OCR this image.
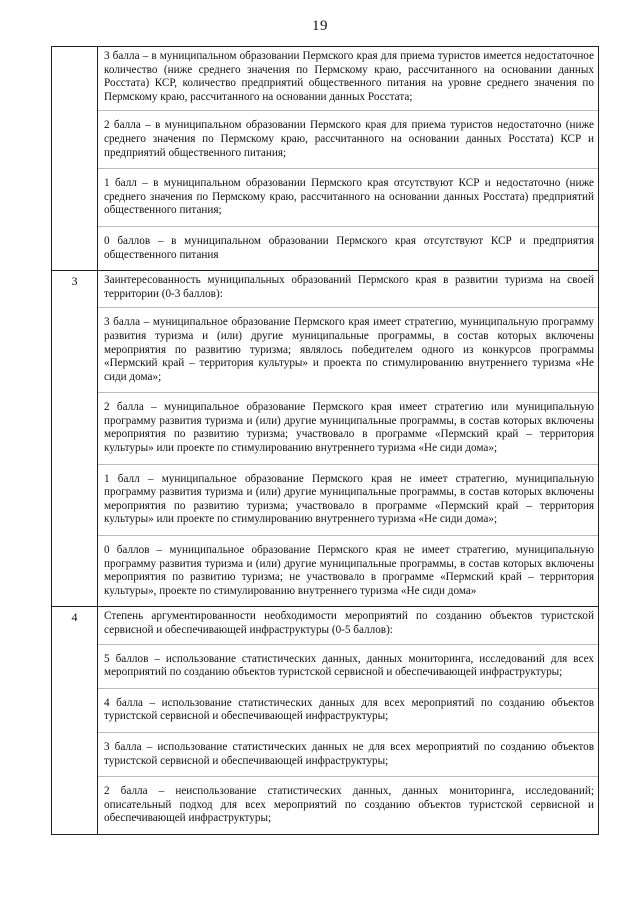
19

	3 балла – в муниципальном образовании Пермского края для приема туристов имеется недостаточное количество (ниже среднего значения по Пермскому краю, рассчитанного на основании данных Росстата) КСР, количество предприятий общественного питания на уровне среднего значения по Пермскому краю, рассчитанного на основании данных Росстата;

2 балла – в муниципальном образовании Пермского края для приема туристов недостаточно (ниже среднего значения по Пермскому краю, рассчитанного на основании данных Росстата) КСР и предприятий общественного питания;

1 балл – в муниципальном образовании Пермского края отсутствуют КСР и недостаточно (ниже среднего значения по Пермскому краю, рассчитанного на основании данных Росстата) предприятий общественного питания;

0 баллов – в муниципальном образовании Пермского края отсутствуют КСР и предприятия общественного питания

3	Заинтересованность муниципальных образований Пермского края в развитии туризма на своей территории (0-3 баллов):

3 балла – муниципальное образование Пермского края имеет стратегию, муниципальную программу развития туризма и (или) другие муниципальные программы, в состав которых включены мероприятия по развитию туризма; являлось победителем одного из конкурсов программы «Пермский край – территория культуры» и проекта по стимулированию внутреннего туризма «Не сиди дома»;

2 балла – муниципальное образование Пермского края имеет стратегию или муниципальную программу развития туризма и (или) другие муниципальные программы, в состав которых включены мероприятия по развитию туризма; участвовало в программе «Пермский край – территория культуры» или проекте по стимулированию внутреннего туризма «Не сиди дома»;

1 балл – муниципальное образование Пермского края не имеет стратегию, муниципальную программу развития туризма и (или) другие муниципальные программы, в состав которых включены мероприятия по развитию туризма; участвовало в программе «Пермский край – территория культуры» или проекте по стимулированию внутреннего туризма «Не сиди дома»;

0 баллов – муниципальное образование Пермского края не имеет стратегию, муниципальную программу развития туризма и (или) другие муниципальные программы, в состав которых включены мероприятия по развитию туризма; не участвовало в программе «Пермский край – территория культуры», проекте по стимулированию внутреннего туризма «Не сиди дома»

4	Степень аргументированности необходимости мероприятий по созданию объектов туристской сервисной и обеспечивающей инфраструктуры (0-5 баллов):

5 баллов – использование статистических данных, данных мониторинга, исследований для всех мероприятий по созданию объектов туристской сервисной и обеспечивающей инфраструктуры;

4 балла – использование статистических данных для всех мероприятий по созданию объектов туристской сервисной и обеспечивающей инфраструктуры;

3 балла – использование статистических данных не для всех мероприятий по созданию объектов туристской сервисной и обеспечивающей инфраструктуры;

2 балла – неиспользование статистических данных, данных мониторинга, исследований; описательный подход для всех мероприятий по созданию объектов туристской сервисной и обеспечивающей инфраструктуры;
